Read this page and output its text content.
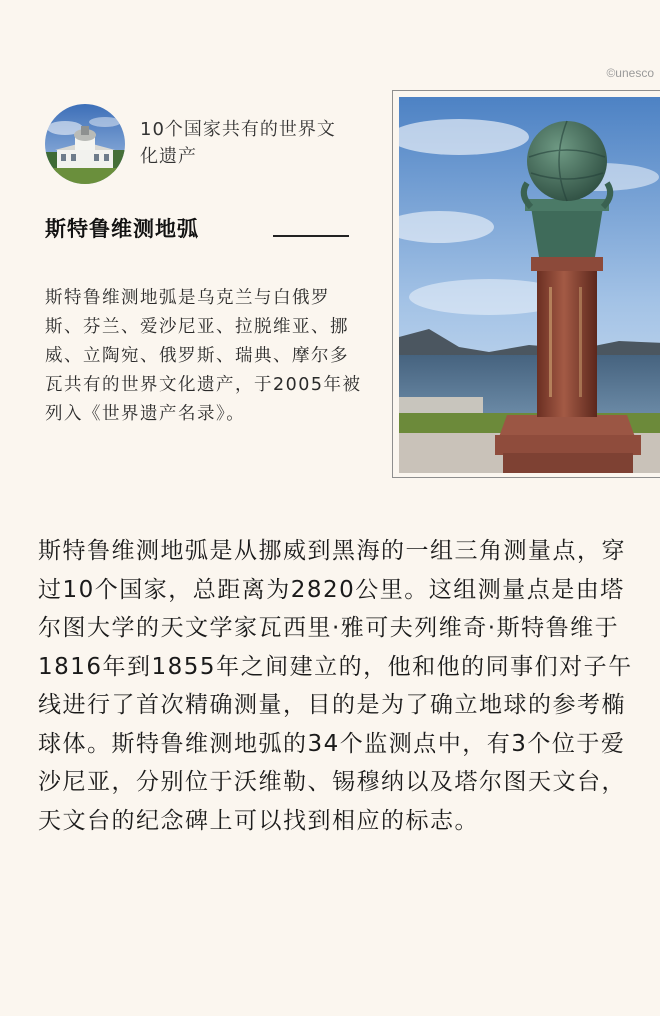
©unesco
10个国家共有的世界文化遗产
斯特鲁维测地弧
斯特鲁维测地弧是乌克兰与白俄罗斯、芬兰、爱沙尼亚、拉脱维亚、挪威、立陶宛、俄罗斯、瑞典、摩尔多瓦共有的世界文化遗产，于2005年被列入《世界遗产名录》。
斯特鲁维测地弧是从挪威到黑海的一组三角测量点，穿过10个国家，总距离为2820公里。这组测量点是由塔尔图大学的天文学家瓦西里·雅可夫列维奇·斯特鲁维于1816年到1855年之间建立的，他和他的同事们对子午线进行了首次精确测量，目的是为了确立地球的参考椭球体。斯特鲁维测地弧的34个监测点中，有3个位于爱沙尼亚，分别位于沃维勒、锡穆纳以及塔尔图天文台，天文台的纪念碑上可以找到相应的标志。
